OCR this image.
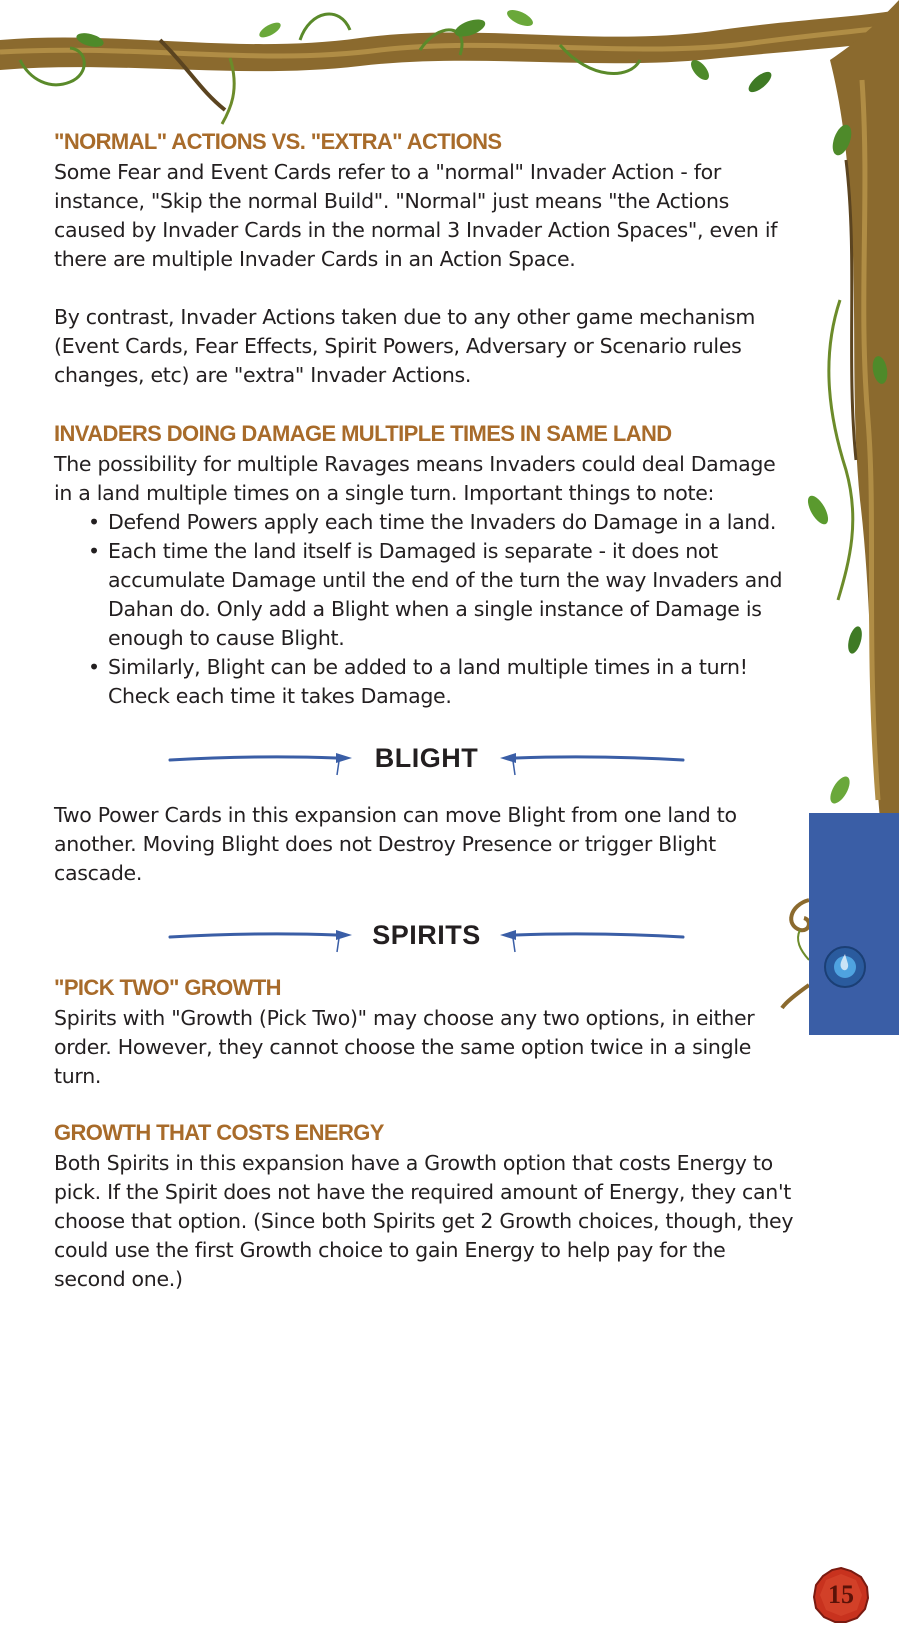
"NORMAL" ACTIONS VS. "EXTRA" ACTIONS

Some Fear and Event Cards refer to a "normal" Invader Action - for instance, "Skip the normal Build". "Normal" just means "the Actions caused by Invader Cards in the normal 3 Invader Action Spaces", even if there are multiple Invader Cards in an Action Space.

By contrast, Invader Actions taken due to any other game mechanism (Event Cards, Fear Effects, Spirit Powers, Adversary or Scenario rules changes, etc) are "extra" Invader Actions.

INVADERS DOING DAMAGE MULTIPLE TIMES IN SAME LAND

The possibility for multiple Ravages means Invaders could deal Damage in a land multiple times on a single turn. Important things to note:

• Defend Powers apply each time the Invaders do Damage in a land.
• Each time the land itself is Damaged is separate - it does not accumulate Damage until the end of the turn the way Invaders and Dahan do. Only add a Blight when a single instance of Damage is enough to cause Blight.
• Similarly, Blight can be added to a land multiple times in a turn! Check each time it takes Damage.
BLIGHT

Two Power Cards in this expansion can move Blight from one land to another. Moving Blight does not Destroy Presence or trigger Blight cascade.

SPIRITS
"PICK TWO" GROWTH

Spirits with "Growth (Pick Two)" may choose any two options, in either order. However, they cannot choose the same option twice in a single turn.

GROWTH THAT COSTS ENERGY

Both Spirits in this expansion have a Growth option that costs Energy to pick. If the Spirit does not have the required amount of Energy, they can't choose that option. (Since both Spirits get 2 Growth choices, though, they could use the first Growth choice to gain Energy to help pay for the second one.)

15
